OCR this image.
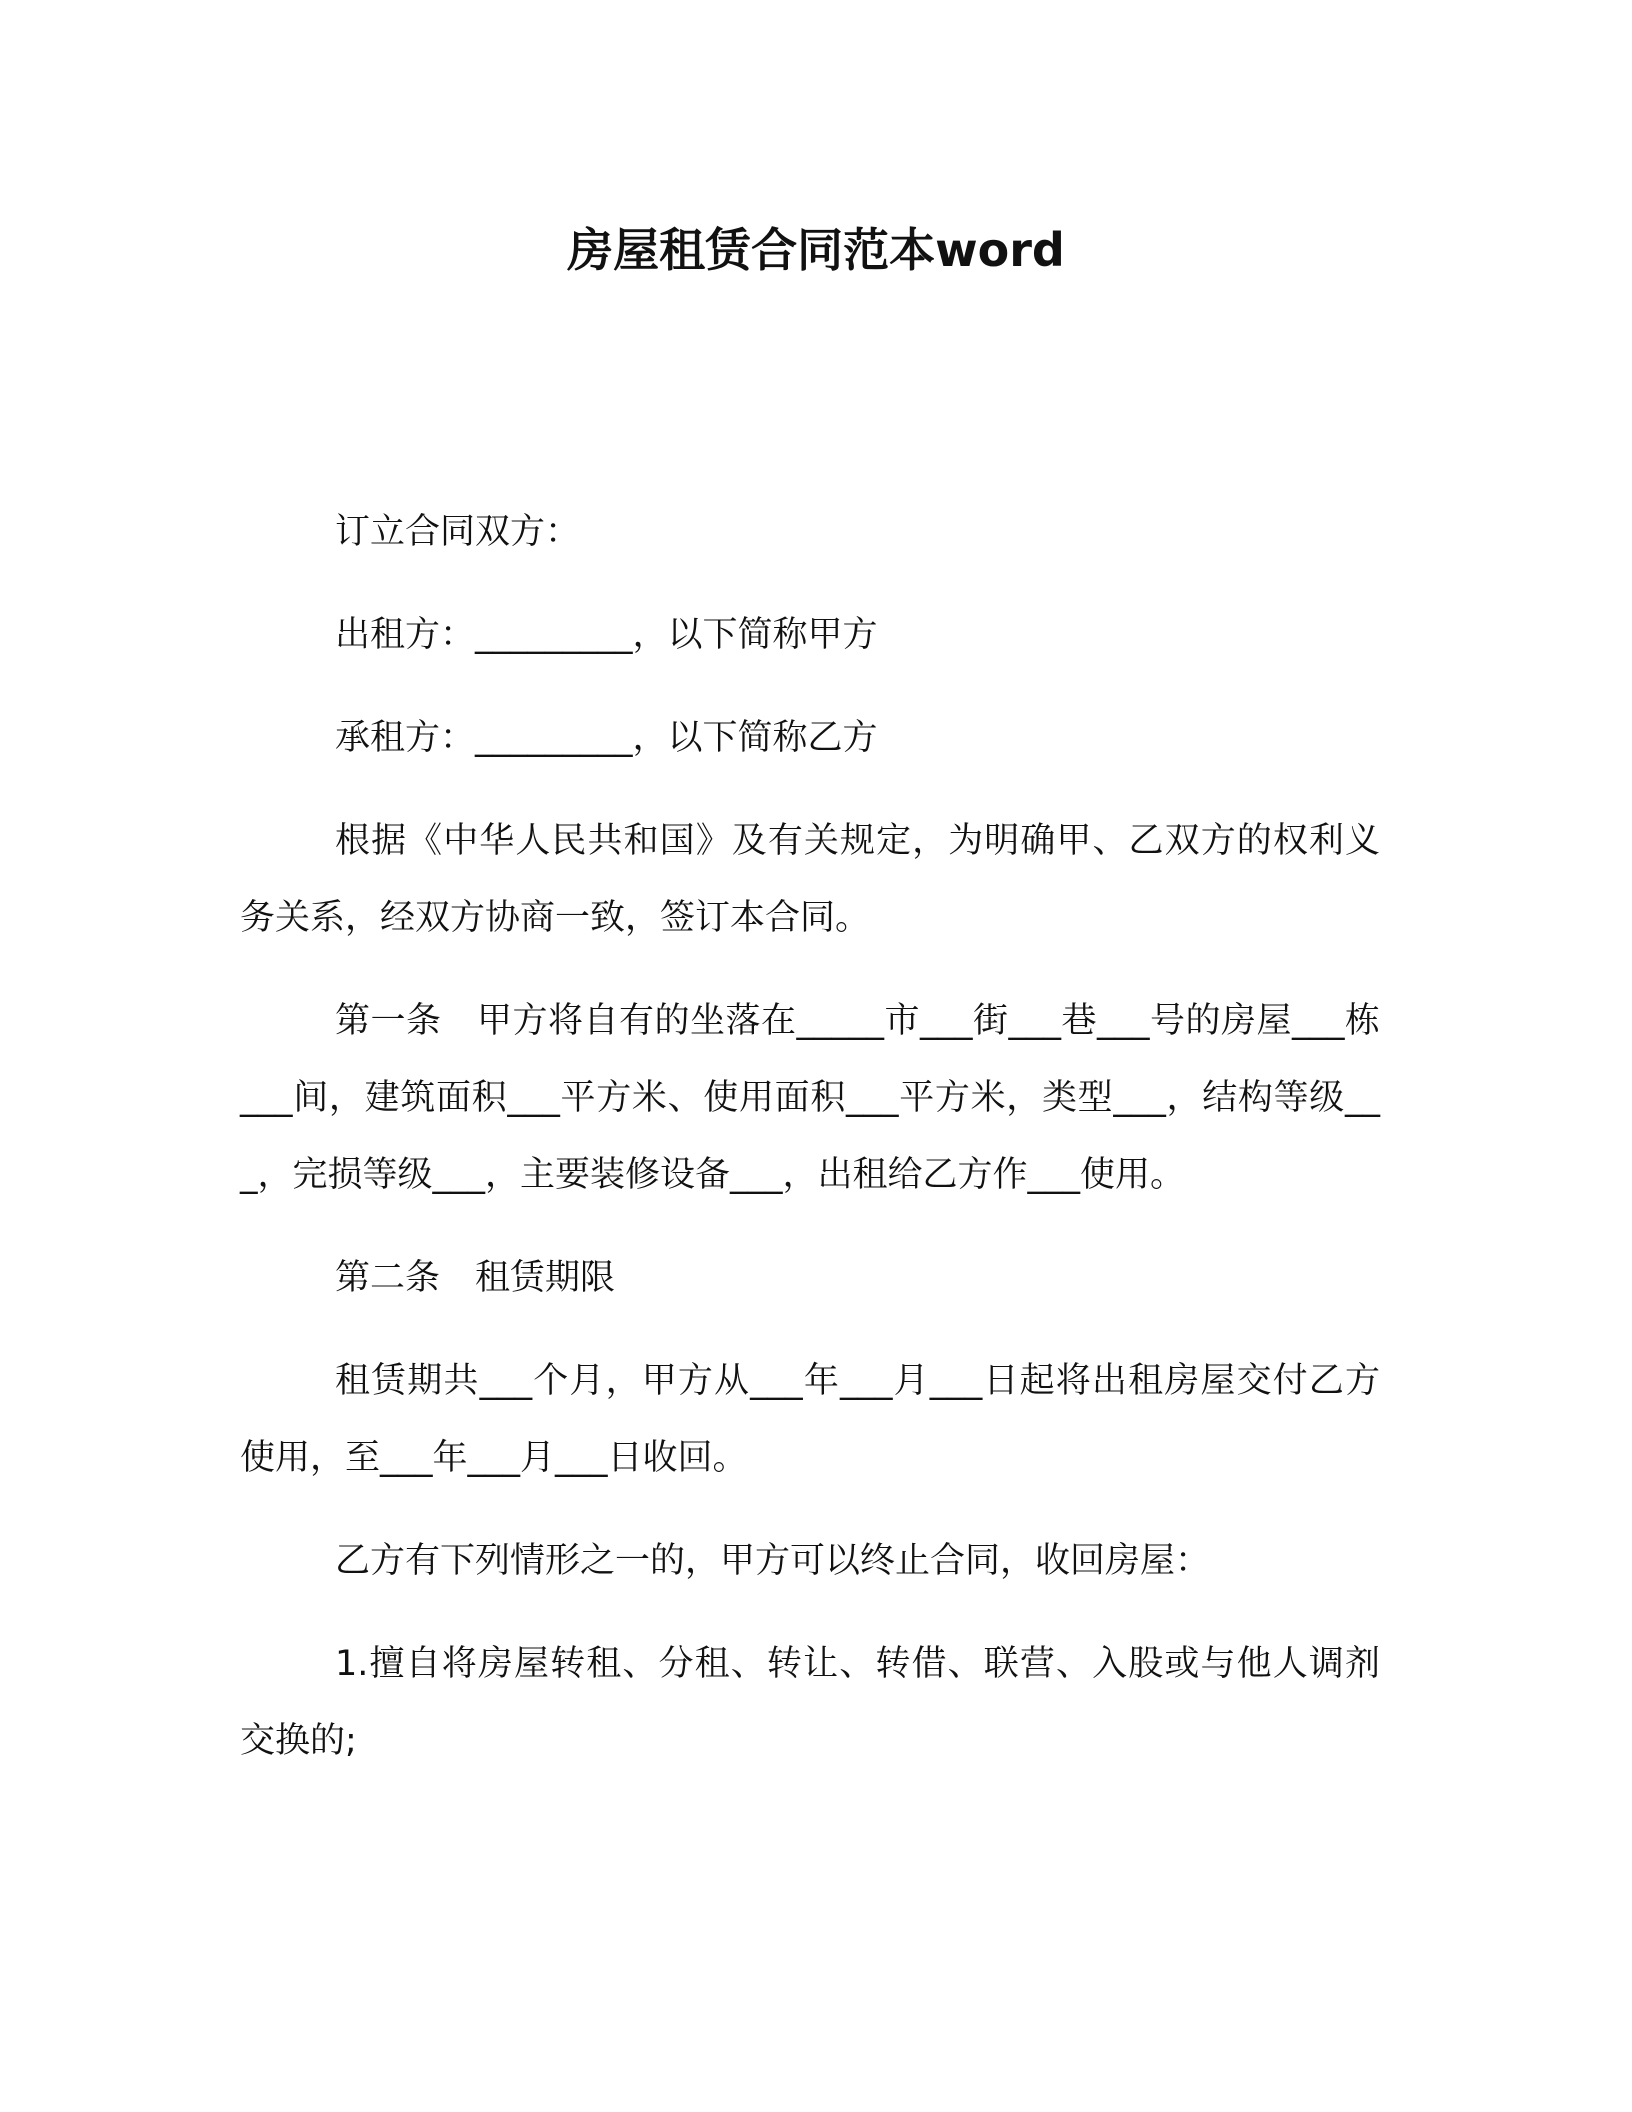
房屋租赁合同范本word

订立合同双方：

出租方：_________，以下简称甲方

承租方：_________，以下简称乙方

根据《中华人民共和国》及有关规定，为明确甲、乙双方的权利义务关系，经双方协商一致，签订本合同。

第一条　甲方将自有的坐落在_____市___街___巷___号的房屋___栋___间，建筑面积___平方米、使用面积___平方米，类型___，结构等级___，完损等级___，主要装修设备___，出租给乙方作___使用。

第二条　租赁期限

租赁期共___个月，甲方从___年___月___日起将出租房屋交付乙方使用，至___年___月___日收回。

乙方有下列情形之一的，甲方可以终止合同，收回房屋：

1.擅自将房屋转租、分租、转让、转借、联营、入股或与他人调剂交换的;
